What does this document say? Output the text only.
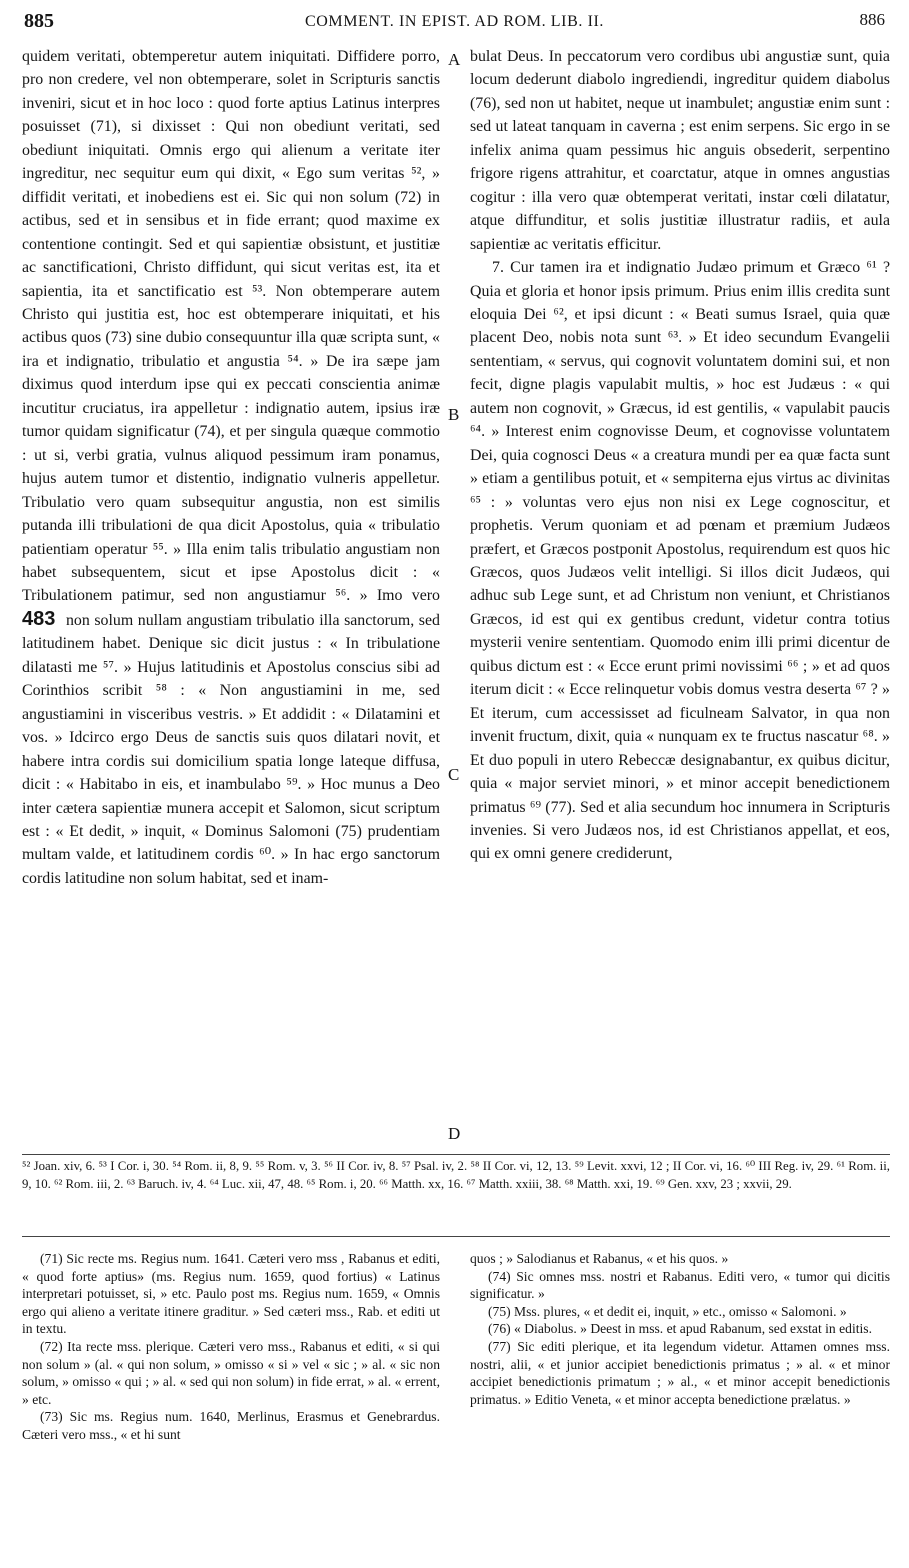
885	COMMENT. IN EPIST. AD ROM. LIB. II.	886

quidem veritati, obtemperetur autem iniquitati. Diffidere porro, pro non credere, vel non obtemperare, solet in Scripturis sanctis inveniri, sicut et in hoc loco : quod forte aptius Latinus interpres posuisset (71), si dixisset : Qui non obediunt veritati, sed obediunt iniquitati. Omnis ergo qui alienum a veritate iter ingreditur, nec sequitur eum qui dixit, « Ego sum veritas ⁵², » diffidit veritati, et inobediens est ei. Sic qui non solum (72) in actibus, sed et in sensibus et in fide errant; quod maxime ex contentione contingit. Sed et qui sapientiæ obsistunt, et justitiæ ac sanctificationi, Christo diffidunt, qui sicut veritas est, ita et sapientia, ita et sanctificatio est ⁵³. Non obtemperare autem Christo qui justitia est, hoc est obtemperare iniquitati, et his actibus quos (73) sine dubio consequuntur illa quæ scripta sunt, « ira et indignatio, tribulatio et angustia ⁵⁴. » De ira sæpe jam diximus quod interdum ipse qui ex peccati conscientia animæ incutitur cruciatus, ira appelletur : indignatio autem, ipsius iræ tumor quidam significatur (74), et per singula quæque commotio : ut si, verbi gratia, vulnus aliquod pessimum iram ponamus, hujus autem tumor et distentio, indignatio vulneris appelletur. Tribulatio vero quam subsequitur angustia, non est similis putanda illi tribulationi de qua dicit Apostolus, quia « tribulatio patientiam operatur ⁵⁵. » Illa enim talis tribulatio angustiam non habet subsequentem, sicut et ipse Apostolus dicit : « Tribulationem patimur, sed non angustiamur ⁵⁶. » Imo vero 483 non solum nullam angustiam tribulatio illa sanctorum, sed latitudinem habet. Denique sic dicit justus : « In tribulatione dilatasti me ⁵⁷. » Hujus latitudinis et Apostolus conscius sibi ad Corinthios scribit ⁵⁸ : « Non angustiamini in me, sed angustiamini in visceribus vestris. » Et addidit : « Dilatamini et vos. » Idcirco ergo Deus de sanctis suis quos dilatari novit, et habere intra cordis sui domicilium spatia longe lateque diffusa, dicit : « Habitabo in eis, et inambulabo ⁵⁹. » Hoc munus a Deo inter cætera sapientiæ munera accepit et Salomon, sicut scriptum est : « Et dedit, » inquit, « Dominus Salomoni (75) prudentiam multam valde, et latitudinem cordis ⁶⁰. » In hac ergo sanctorum cordis latitudine non solum habitat, sed et inam-

A
B
C
D

bulat Deus. In peccatorum vero cordibus ubi angustiæ sunt, quia locum dederunt diabolo ingrediendi, ingreditur quidem diabolus (76), sed non ut habitet, neque ut inambulet; angustiæ enim sunt : sed ut lateat tanquam in caverna ; est enim serpens. Sic ergo in se infelix anima quam pessimus hic anguis obsederit, serpentino frigore rigens attrahitur, et coarctatur, atque in omnes angustias cogitur : illa vero quæ obtemperat veritati, instar cœli dilatatur, atque diffunditur, et solis justitiæ illustratur radiis, et aula sapientiæ ac veritatis efficitur.

7. Cur tamen ira et indignatio Judæo primum et Græco ⁶¹ ? Quia et gloria et honor ipsis primum. Prius enim illis credita sunt eloquia Dei ⁶², et ipsi dicunt : « Beati sumus Israel, quia quæ placent Deo, nobis nota sunt ⁶³. » Et ideo secundum Evangelii sententiam, « servus, qui cognovit voluntatem domini sui, et non fecit, digne plagis vapulabit multis, » hoc est Judæus : « qui autem non cognovit, » Græcus, id est gentilis, « vapulabit paucis ⁶⁴. » Interest enim cognovisse Deum, et cognovisse voluntatem Dei, quia cognosci Deus « a creatura mundi per ea quæ facta sunt » etiam a gentilibus potuit, et « sempiterna ejus virtus ac divinitas ⁶⁵ : » voluntas vero ejus non nisi ex Lege cognoscitur, et prophetis. Verum quoniam et ad pœnam et præmium Judæos præfert, et Græcos postponit Apostolus, requirendum est quos hic Græcos, quos Judæos velit intelligi. Si illos dicit Judæos, qui adhuc sub Lege sunt, et ad Christum non veniunt, et Christianos Græcos, id est qui ex gentibus credunt, videtur contra totius mysterii venire sententiam. Quomodo enim illi primi dicentur de quibus dictum est : « Ecce erunt primi novissimi ⁶⁶ ; » et ad quos iterum dicit : « Ecce relinquetur vobis domus vestra deserta ⁶⁷ ? » Et iterum, cum accessisset ad ficulneam Salvator, in qua non invenit fructum, dixit, quia « nunquam ex te fructus nascatur ⁶⁸. » Et duo populi in utero Rebeccæ designabantur, ex quibus dicitur, quia « major serviet minori, » et minor accepit benedictionem primatus ⁶⁹ (77). Sed et alia secundum hoc innumera in Scripturis invenies. Si vero Judæos nos, id est Christianos appellat, et eos, qui ex omni genere crediderunt,

⁵² Joan. xiv, 6. ⁵³ I Cor. i, 30. ⁵⁴ Rom. ii, 8, 9. ⁵⁵ Rom. v, 3. ⁵⁶ II Cor. iv, 8. ⁵⁷ Psal. iv, 2. ⁵⁸ II Cor. vi, 12, 13. ⁵⁹ Levit. xxvi, 12 ; II Cor. vi, 16. ⁶⁰ III Reg. iv, 29. ⁶¹ Rom. ii, 9, 10. ⁶² Rom. iii, 2. ⁶³ Baruch. iv, 4. ⁶⁴ Luc. xii, 47, 48. ⁶⁵ Rom. i, 20. ⁶⁶ Matth. xx, 16. ⁶⁷ Matth. xxiii, 38. ⁶⁸ Matth. xxi, 19. ⁶⁹ Gen. xxv, 23 ; xxvii, 29.

(71) Sic recte ms. Regius num. 1641. Cæteri vero mss , Rabanus et editi, « quod forte aptius» (ms. Regius num. 1659, quod fortius) « Latinus interpretari potuisset, si, » etc. Paulo post ms. Regius num. 1659, « Omnis ergo qui alieno a veritate itinere graditur. » Sed cæteri mss., Rab. et editi ut in textu.

(72) Ita recte mss. plerique. Cæteri vero mss., Rabanus et editi, « si qui non solum » (al. « qui non solum, » omisso « si » vel « sic ; » al. « sic non solum, » omisso « qui ; » al. « sed qui non solum) in fide errat, » al. « errent, » etc.

(73) Sic ms. Regius num. 1640, Merlinus, Erasmus et Genebrardus. Cæteri vero mss., « et hi sunt

quos ; » Salodianus et Rabanus, « et his quos. »

(74) Sic omnes mss. nostri et Rabanus. Editi vero, « tumor qui dicitis significatur. »

(75) Mss. plures, « et dedit ei, inquit, » etc., omisso « Salomoni. »

(76) « Diabolus. » Deest in mss. et apud Rabanum, sed exstat in editis.

(77) Sic editi plerique, et ita legendum videtur. Attamen omnes mss. nostri, alii, « et junior accipiet benedictionis primatus ; » al. « et minor accipiet benedictionis primatum ; » al., « et minor accepit benedictionis primatus. » Editio Veneta, « et minor accepta benedictione prælatus. »
